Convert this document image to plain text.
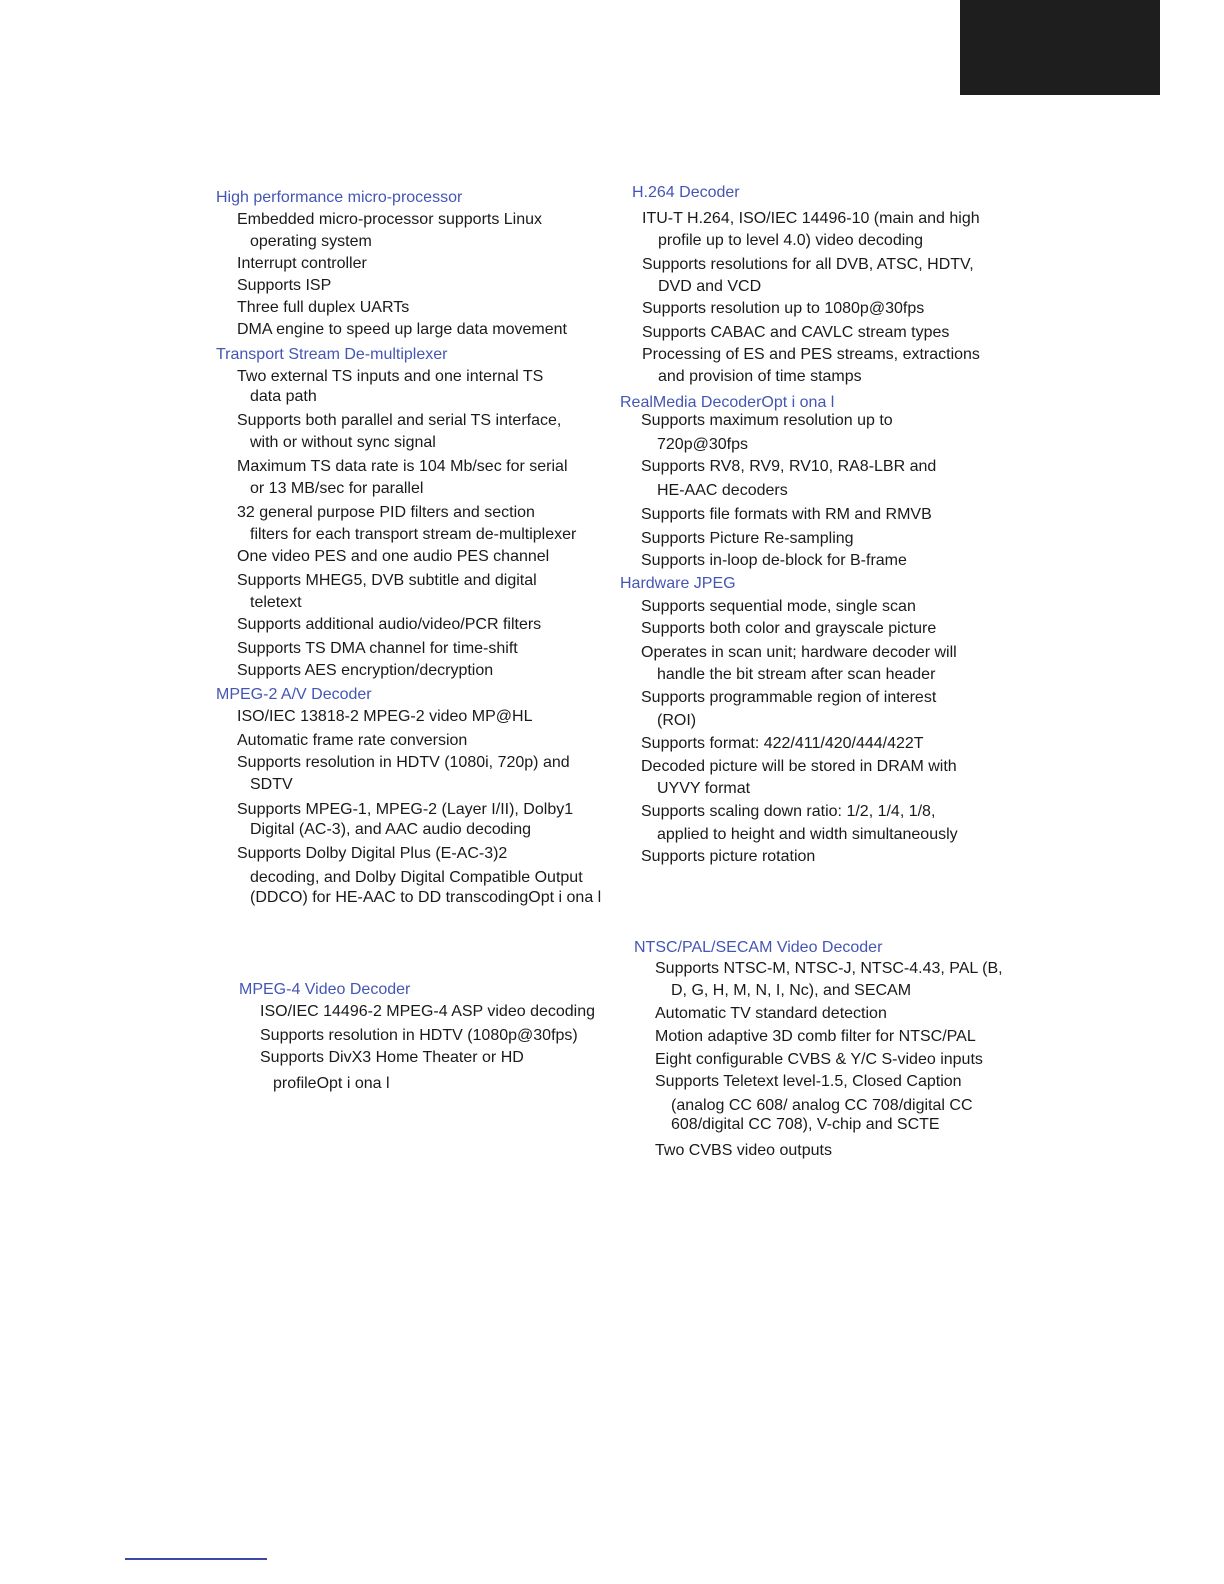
High performance micro-processor
Embedded micro-processor supports Linux
operating system
Interrupt controller
Supports ISP
Three full duplex UARTs
DMA engine to speed up large data movement
Transport Stream De-multiplexer
Two external TS inputs and one internal TS
data path
Supports both parallel and serial TS interface,
with or without sync signal
Maximum TS data rate is 104 Mb/sec for serial
or 13 MB/sec for parallel
32 general purpose PID filters and section
filters for each transport stream de-multiplexer
One video PES and one audio PES channel
Supports MHEG5, DVB subtitle and digital
teletext
Supports additional audio/video/PCR filters
Supports TS DMA channel for time-shift
Supports AES encryption/decryption
MPEG-2 A/V Decoder
ISO/IEC 13818-2 MPEG-2 video MP@HL
Automatic frame rate conversion
Supports resolution in HDTV (1080i, 720p) and
SDTV
Supports MPEG-1, MPEG-2 (Layer I/II), Dolby1
Digital (AC-3), and AAC audio decoding
Supports Dolby Digital Plus (E-AC-3)2
decoding, and Dolby Digital Compatible Output
(DDCO) for HE-AAC to DD transcodingOpt i ona l
MPEG-4 Video Decoder
ISO/IEC 14496-2 MPEG-4 ASP video decoding
Supports resolution in HDTV (1080p@30fps)
Supports DivX3 Home Theater or HD
profileOpt i ona l
H.264 Decoder
ITU-T H.264, ISO/IEC 14496-10 (main and high
profile up to level 4.0) video decoding
Supports resolutions for all DVB, ATSC, HDTV,
DVD and VCD
Supports resolution up to 1080p@30fps
Supports CABAC and CAVLC stream types
Processing of ES and PES streams, extractions
and provision of time stamps
RealMedia DecoderOpt i ona l
Supports maximum resolution up to
720p@30fps
Supports RV8, RV9, RV10, RA8-LBR and
HE-AAC decoders
Supports file formats with RM and RMVB
Supports Picture Re-sampling
Supports in-loop de-block for B-frame
Hardware JPEG
Supports sequential mode, single scan
Supports both color and grayscale picture
Operates in scan unit; hardware decoder will
handle the bit stream after scan header
Supports programmable region of interest
(ROI)
Supports format: 422/411/420/444/422T
Decoded picture will be stored in DRAM with
UYVY format
Supports scaling down ratio: 1/2, 1/4, 1/8,
applied to height and width simultaneously
Supports picture rotation
NTSC/PAL/SECAM Video Decoder
Supports NTSC-M, NTSC-J, NTSC-4.43, PAL (B,
D, G, H, M, N, I, Nc), and SECAM
Automatic TV standard detection
Motion adaptive 3D comb filter for NTSC/PAL
Eight configurable CVBS & Y/C S-video inputs
Supports Teletext level-1.5, Closed Caption
(analog CC 608/ analog CC 708/digital CC
608/digital CC 708), V-chip and SCTE
Two CVBS video outputs
